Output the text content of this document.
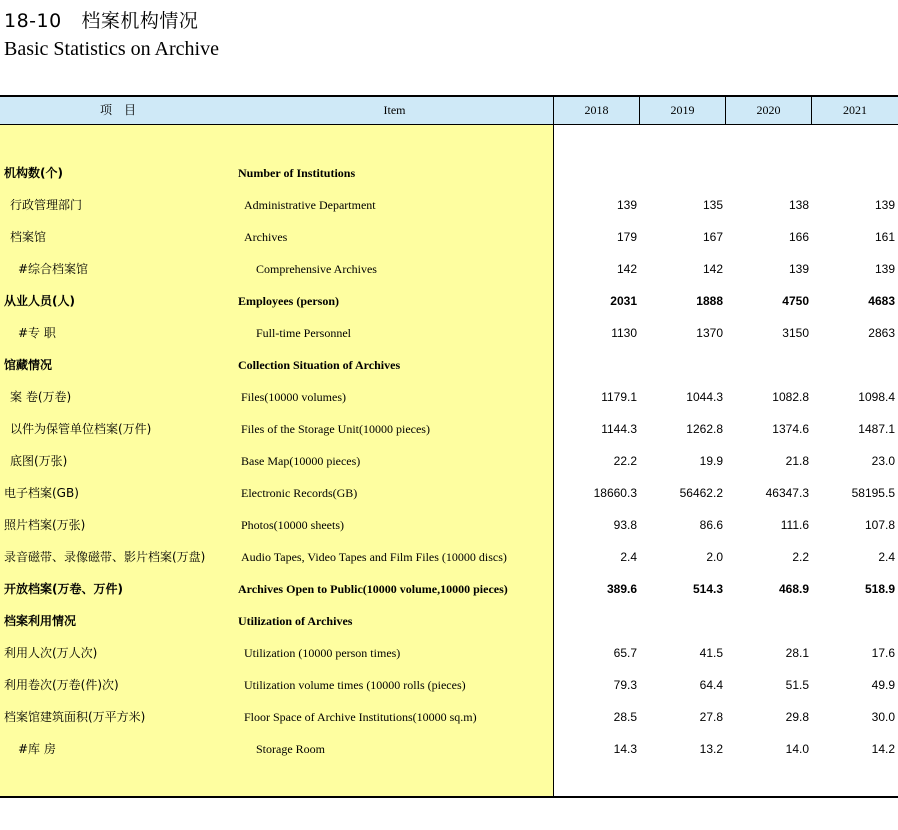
18-10 档案机构情况
Basic Statistics on Archive
项　目	Item	2018	2019	2020	2021
机构数(个)	Number of Institutions
行政管理部门	Administrative Department	139	135	138	139
档案馆	Archives	179	167	166	161
#综合档案馆	Comprehensive Archives	142	142	139	139
从业人员(人)	Employees (person)	2031	1888	4750	4683
#专 职	Full-time Personnel	1130	1370	3150	2863
馆藏情况	Collection Situation of Archives
案 卷(万卷)	Files(10000 volumes)	1179.1	1044.3	1082.8	1098.4
以件为保管单位档案(万件)	Files of the Storage Unit(10000 pieces)	1144.3	1262.8	1374.6	1487.1
底图(万张)	Base Map(10000 pieces)	22.2	19.9	21.8	23.0
电子档案(GB)	Electronic Records(GB)	18660.3	56462.2	46347.3	58195.5
照片档案(万张)	Photos(10000 sheets)	93.8	86.6	111.6	107.8
录音磁带、录像磁带、影片档案(万盘)	Audio Tapes, Video Tapes and Film Files (10000 discs)	2.4	2.0	2.2	2.4
开放档案(万卷、万件)	Archives Open to Public(10000 volume,10000 pieces)	389.6	514.3	468.9	518.9
档案利用情况	Utilization of Archives
利用人次(万人次)	Utilization (10000 person times)	65.7	41.5	28.1	17.6
利用卷次(万卷(件)次)	Utilization volume times (10000 rolls (pieces)	79.3	64.4	51.5	49.9
档案馆建筑面积(万平方米)	Floor Space of Archive Institutions(10000 sq.m)	28.5	27.8	29.8	30.0
#库 房	Storage Room	14.3	13.2	14.0	14.2
